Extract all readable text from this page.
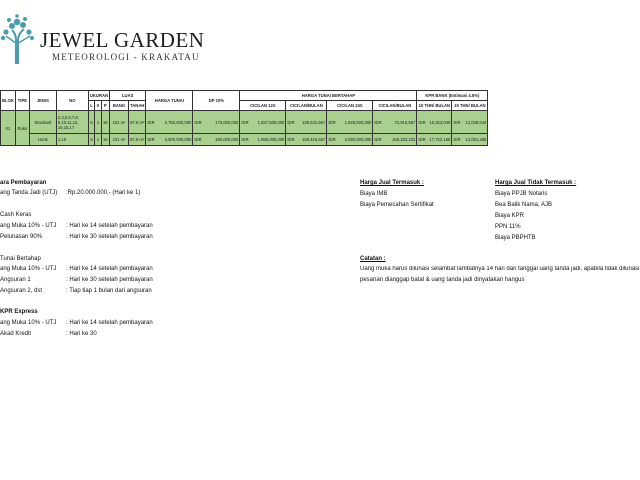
JEWEL GARDEN
METEOROLOGI - KRAKATAU
BLOK	TIPE	JENIS	NO	UKURAN			LUAS		HARGA TUNAI		DP 10%		HARGA TUNAI BERTAHAP								KPR BANK (Estimasi 4.5%)			
				L	X	P	BANG	TANAH					CICILAN 12X		CICILAN/BULAN		CICILAN 24X		CICILAN/BULAN		10 THN/ BULAN		15 THN/ BULAN	

01	Ruko	Standard	2,3,5,6,7,8, 9,10,11,12, 15,16,17	5	x	16	231 m²	87.5 m²	IDR	2,750,000,000	IDR	175,000,000	IDR	1,837,500,000	IDR	138,541,667	IDR	1,925,000,000	IDR	72,916,667	IDR	16,323,049	IDR	12,048,644
		Hook	1,18	5	x	16	231 m²	87.5 m²	IDR	3,900,000,000	IDR	190,000,000	IDR	1,995,000,000	IDR	150,416,667	IDR	2,090,000,000	IDR	158,333,333	IDR	17,722,168	IDR	13,081,385
ara Pembayaran
ang Tanda Jadi (UTJ) :Rp.20.000.000,- (Hari ke 1)
Cash Keras
ang Muka 10% - UTJ : Hari ke 14 setelah pembayaran
Pelunasan 90%	: Hari ke 30 setelah pembayaran
Tunai Bertahap
ang Muka 10% - UTJ : Hari ke 14 setelah pembayaran
Angsuran 1	: Hari ke 30 setelah pembayaran
Angsuran 2, dst	: Tiap tiap 1 bulan dari angsuran
KPR Express
ang Muka 10% - UTJ : Hari ke 14 setelah pembayaran
Akad Kredit	: Hari ke 30
Harga Jual Termasuk :
Biaya IMB
Biaya Pemecahan Sertifikat
Harga Jual Tidak Termasuk :
Biaya PPJB Notaris
Bea Balik Nama, AJB
Biaya KPR
PPN 11%
Biaya PBPHTB
Catatan :
Uang muka harus dilunasi selambat lambatnya 14 hari dari tanggal uang tanda jadi, apabila tidak dilunasi
pesanan dianggap batal & uang tanda jadi dinyatakan hangus
